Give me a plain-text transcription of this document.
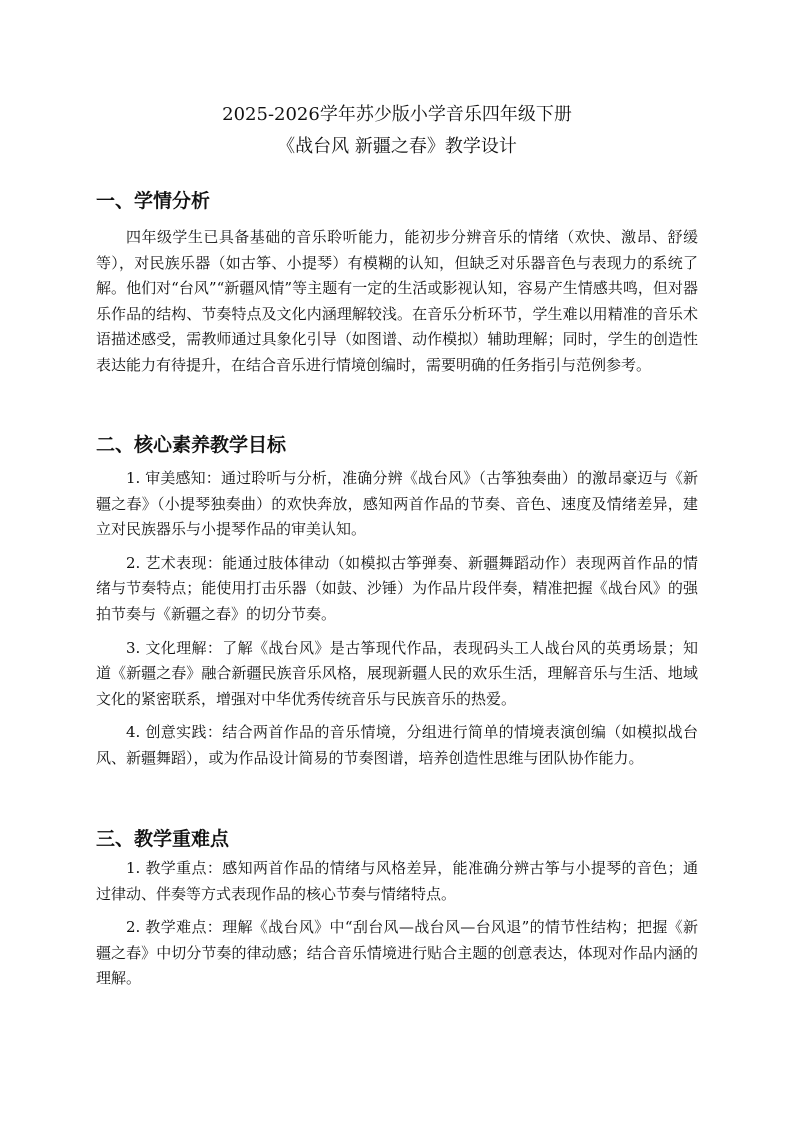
2025-2026学年苏少版小学音乐四年级下册
《战台风 新疆之春》教学设计
一、学情分析

四年级学生已具备基础的音乐聆听能力，能初步分辨音乐的情绪（欢快、激昂、舒缓等），对民族乐器（如古筝、小提琴）有模糊的认知，但缺乏对乐器音色与表现力的系统了解。他们对“台风”“新疆风情”等主题有一定的生活或影视认知，容易产生情感共鸣，但对器乐作品的结构、节奏特点及文化内涵理解较浅。在音乐分析环节，学生难以用精准的音乐术语描述感受，需教师通过具象化引导（如图谱、动作模拟）辅助理解；同时，学生的创造性表达能力有待提升，在结合音乐进行情境创编时，需要明确的任务指引与范例参考。

二、核心素养教学目标

1. 审美感知：通过聆听与分析，准确分辨《战台风》（古筝独奏曲）的激昂豪迈与《新疆之春》（小提琴独奏曲）的欢快奔放，感知两首作品的节奏、音色、速度及情绪差异，建立对民族器乐与小提琴作品的审美认知。

2. 艺术表现：能通过肢体律动（如模拟古筝弹奏、新疆舞蹈动作）表现两首作品的情绪与节奏特点；能使用打击乐器（如鼓、沙锤）为作品片段伴奏，精准把握《战台风》的强拍节奏与《新疆之春》的切分节奏。

3. 文化理解：了解《战台风》是古筝现代作品，表现码头工人战台风的英勇场景；知道《新疆之春》融合新疆民族音乐风格，展现新疆人民的欢乐生活，理解音乐与生活、地域文化的紧密联系，增强对中华优秀传统音乐与民族音乐的热爱。

4. 创意实践：结合两首作品的音乐情境，分组进行简单的情境表演创编（如模拟战台风、新疆舞蹈），或为作品设计简易的节奏图谱，培养创造性思维与团队协作能力。

三、教学重难点

1. 教学重点：感知两首作品的情绪与风格差异，能准确分辨古筝与小提琴的音色；通过律动、伴奏等方式表现作品的核心节奏与情绪特点。

2. 教学难点：理解《战台风》中“刮台风—战台风—台风退”的情节性结构；把握《新疆之春》中切分节奏的律动感；结合音乐情境进行贴合主题的创意表达，体现对作品内涵的理解。
